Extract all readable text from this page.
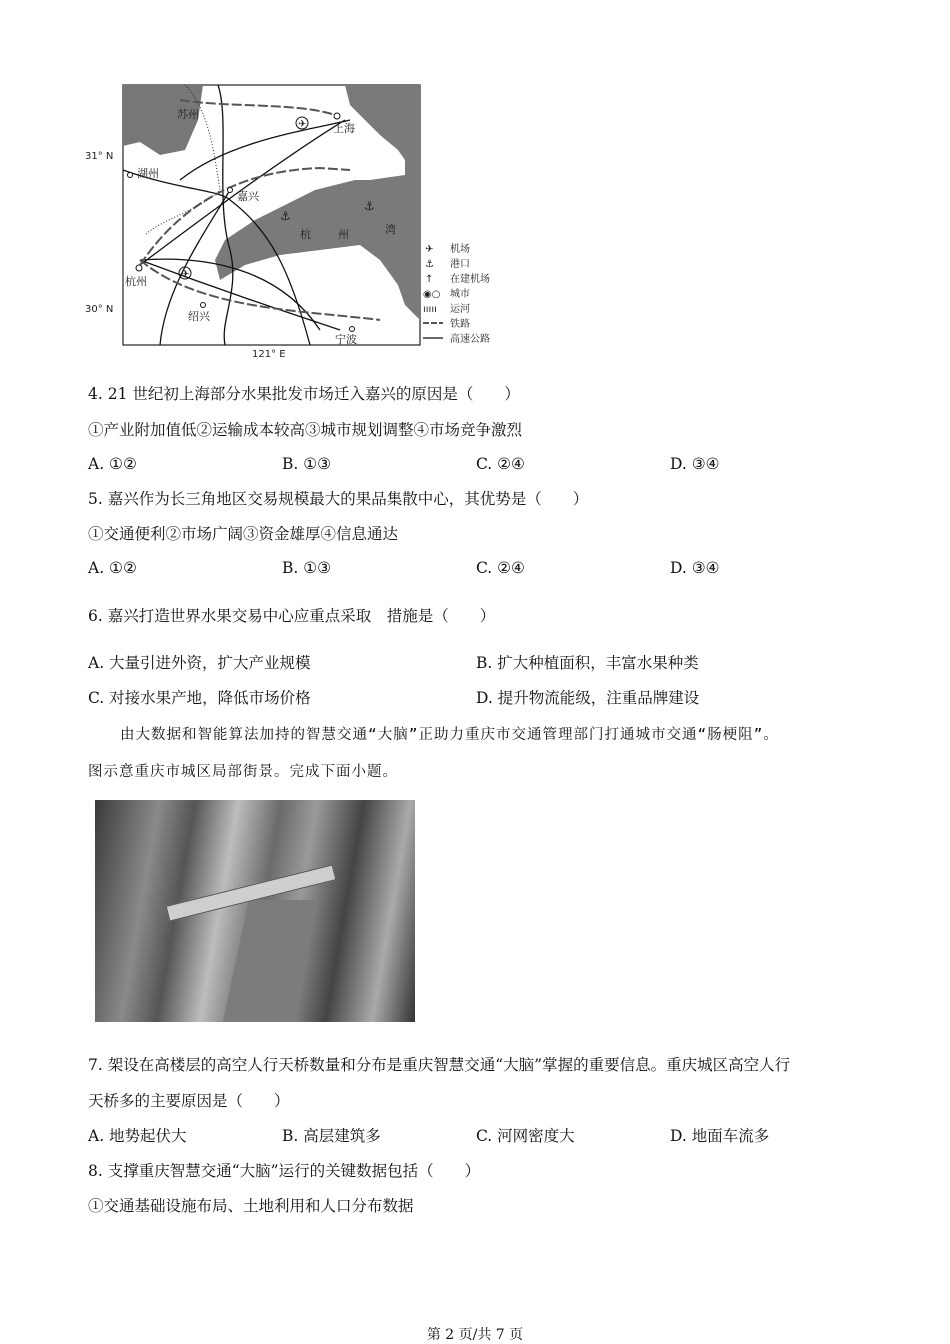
苏州
上海
湖州
嘉兴
杭州
绍兴
宁波
杭 州	湾
✈
✈
⚓
⚓
31° N
30° N
121° E
✈ 机场
⚓ 港口
↑ 在建机场
◉○ 城市
ııııı 运河
铁路
高速公路
4. 21 世纪初上海部分水果批发市场迁入嘉兴的原因是（　　）
①产业附加值低②运输成本较高③城市规划调整④市场竞争激烈
A. ①②	B. ①③	C. ②④	D. ③④
5. 嘉兴作为长三角地区交易规模最大的果品集散中心，其优势是（　　）
①交通便利②市场广阔③资金雄厚④信息通达
A. ①②	B. ①③	C. ②④	D. ③④
6. 嘉兴打造世界水果交易中心应重点采取　措施是（　　）
A. 大量引进外资，扩大产业规模	B. 扩大种植面积，丰富水果种类
C. 对接水果产地，降低市场价格	D. 提升物流能级，注重品牌建设
由大数据和智能算法加持的智慧交通“大脑”正助力重庆市交通管理部门打通城市交通“肠梗阻”。
图示意重庆市城区局部街景。完成下面小题。
7. 架设在高楼层的高空人行天桥数量和分布是重庆智慧交通“大脑”掌握的重要信息。重庆城区高空人行
天桥多的主要原因是（　　）
A. 地势起伏大	B. 高层建筑多	C. 河网密度大	D. 地面车流多
8. 支撑重庆智慧交通“大脑”运行的关键数据包括（　　）
①交通基础设施布局、土地利用和人口分布数据
第 2 页/共 7 页
